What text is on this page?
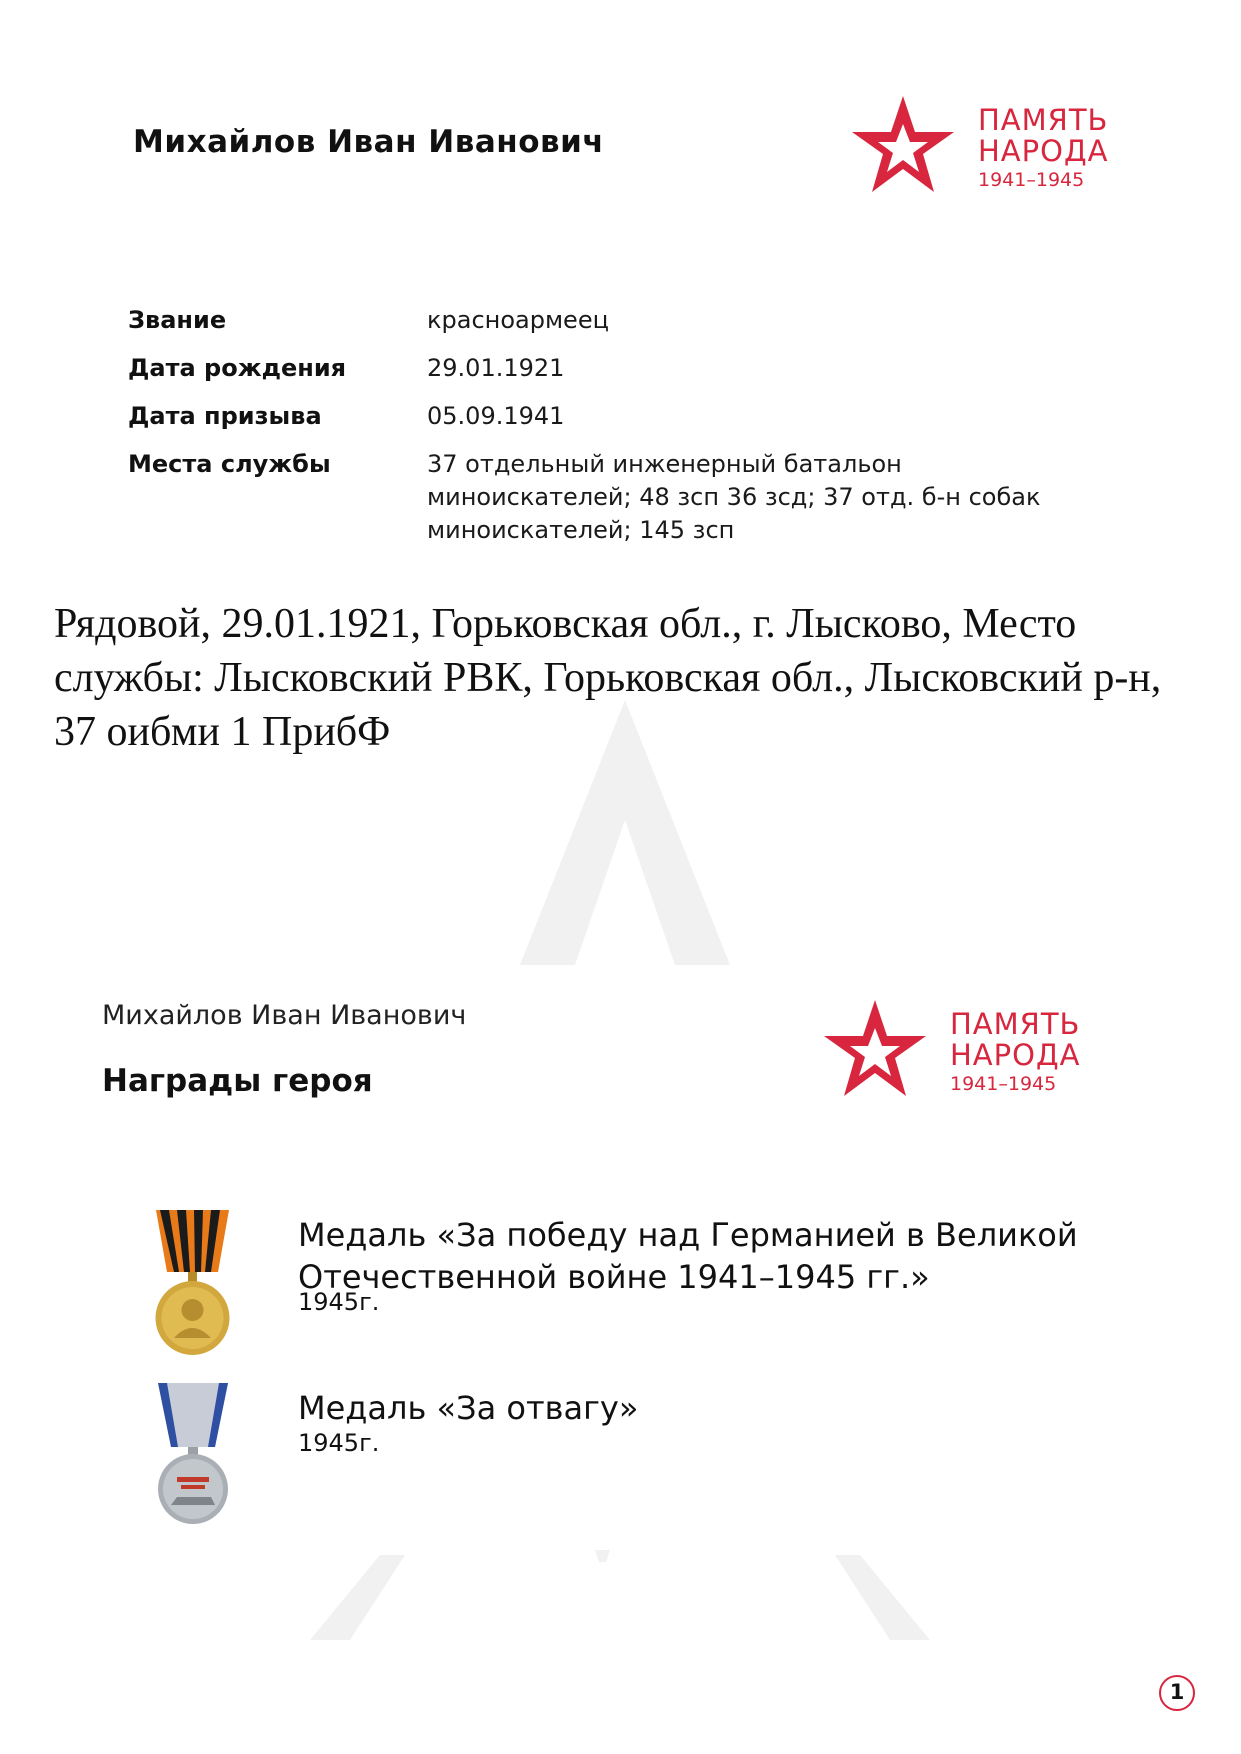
Михайлов Иван Иванович
ПАМЯТЬ
НАРОДА
1941–1945
Звание	красноармеец
Дата рождения	29.01.1921
Дата призыва	05.09.1941
Места службы	37 отдельный инженерный батальон миноискателей; 48 зсп 36 зсд; 37 отд. б-н собак миноискателей; 145 зсп
Рядовой, 29.01.1921, Горьковская обл., г. Лысково, Место службы: Лысковский РВК, Горьковская обл., Лысковский р-н, 37 оибми 1 ПрибФ
Михайлов Иван Иванович
Награды героя
ПАМЯТЬ
НАРОДА
1941–1945
Медаль «За победу над Германией в Великой Отечественной войне 1941–1945 гг.»
1945г.
Медаль «За отвагу»
1945г.
1
